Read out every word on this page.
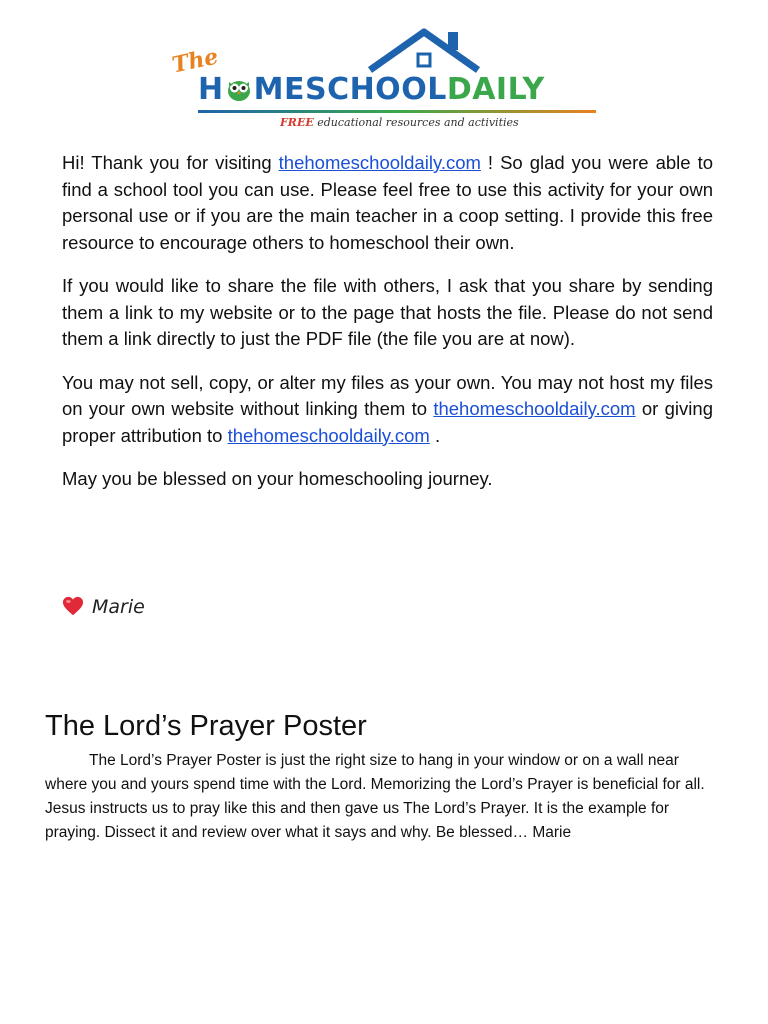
The
H MESCHOOLDAILY
FREE educational resources and activities

Hi! Thank you for visiting thehomeschooldaily.com ! So glad you were able to find a school tool you can use. Please feel free to use this activity for your own personal use or if you are the main teacher in a coop setting. I provide this free resource to encourage others to homeschool their own.

If you would like to share the file with others, I ask that you share by sending them a link to my website or to the page that hosts the file. Please do not send them a link directly to just the PDF file (the file you are at now).

You may not sell, copy, or alter my files as your own. You may not host my files on your own website without linking them to thehomeschooldaily.com or giving proper attribution to thehomeschooldaily.com .

May you be blessed on your homeschooling journey.

Marie
The Lord’s Prayer Poster
The Lord’s Prayer Poster is just the right size to hang in your window or on a wall near where you and yours spend time with the Lord. Memorizing the Lord’s Prayer is beneficial for all. Jesus instructs us to pray like this and then gave us The Lord’s Prayer. It is the example for praying. Dissect it and review over what it says and why. Be blessed… Marie
